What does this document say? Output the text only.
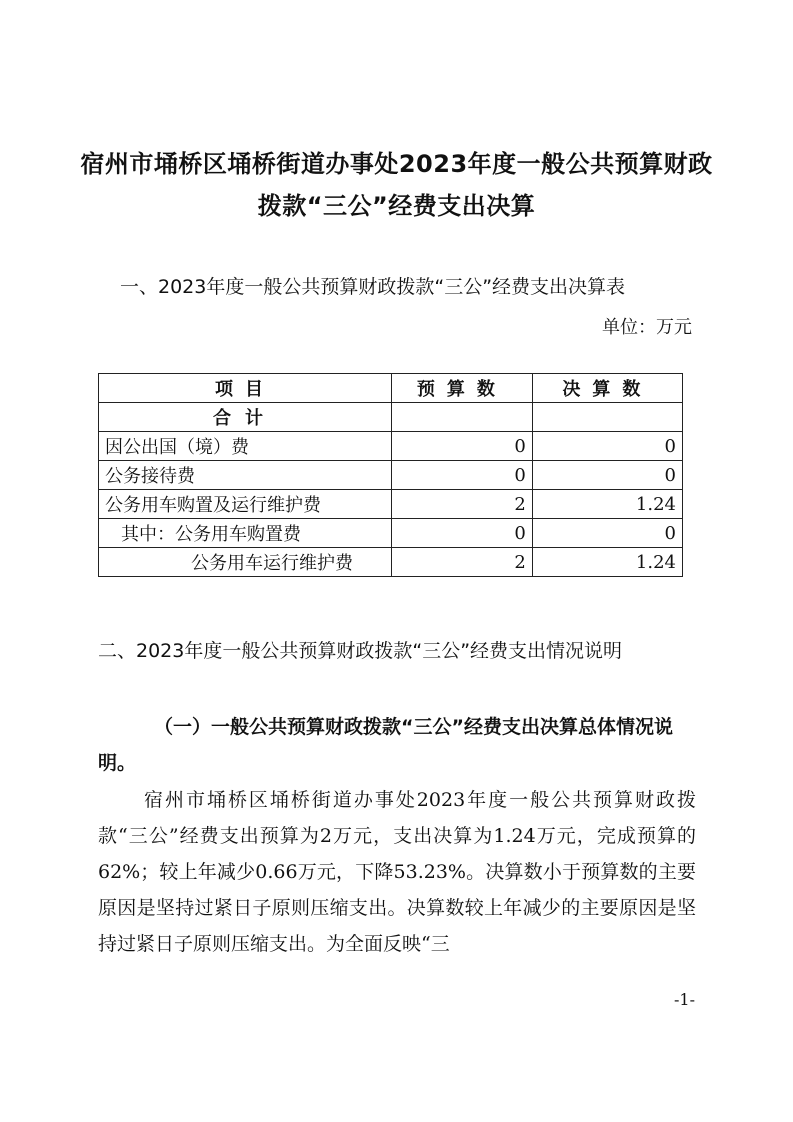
宿州市埇桥区埇桥街道办事处2023年度一般公共预算财政拨款“三公”经费支出决算
一、2023年度一般公共预算财政拨款“三公”经费支出决算表
单位：万元
项目	预算数	决算数
合计		
因公出国（境）费	0	0
公务接待费	0	0
公务用车购置及运行维护费	2	1.24
其中：公务用车购置费	0	0
公务用车运行维护费	2	1.24
二、2023年度一般公共预算财政拨款“三公”经费支出情况说明
（一）一般公共预算财政拨款“三公”经费支出决算总体情况说明。
宿州市埇桥区埇桥街道办事处2023年度一般公共预算财政拨款“三公”经费支出预算为2万元，支出决算为1.24万元，完成预算的62%；较上年减少0.66万元，下降53.23%。决算数小于预算数的主要原因是坚持过紧日子原则压缩支出。决算数较上年减少的主要原因是坚持过紧日子原则压缩支出。为全面反映“三
-1-
